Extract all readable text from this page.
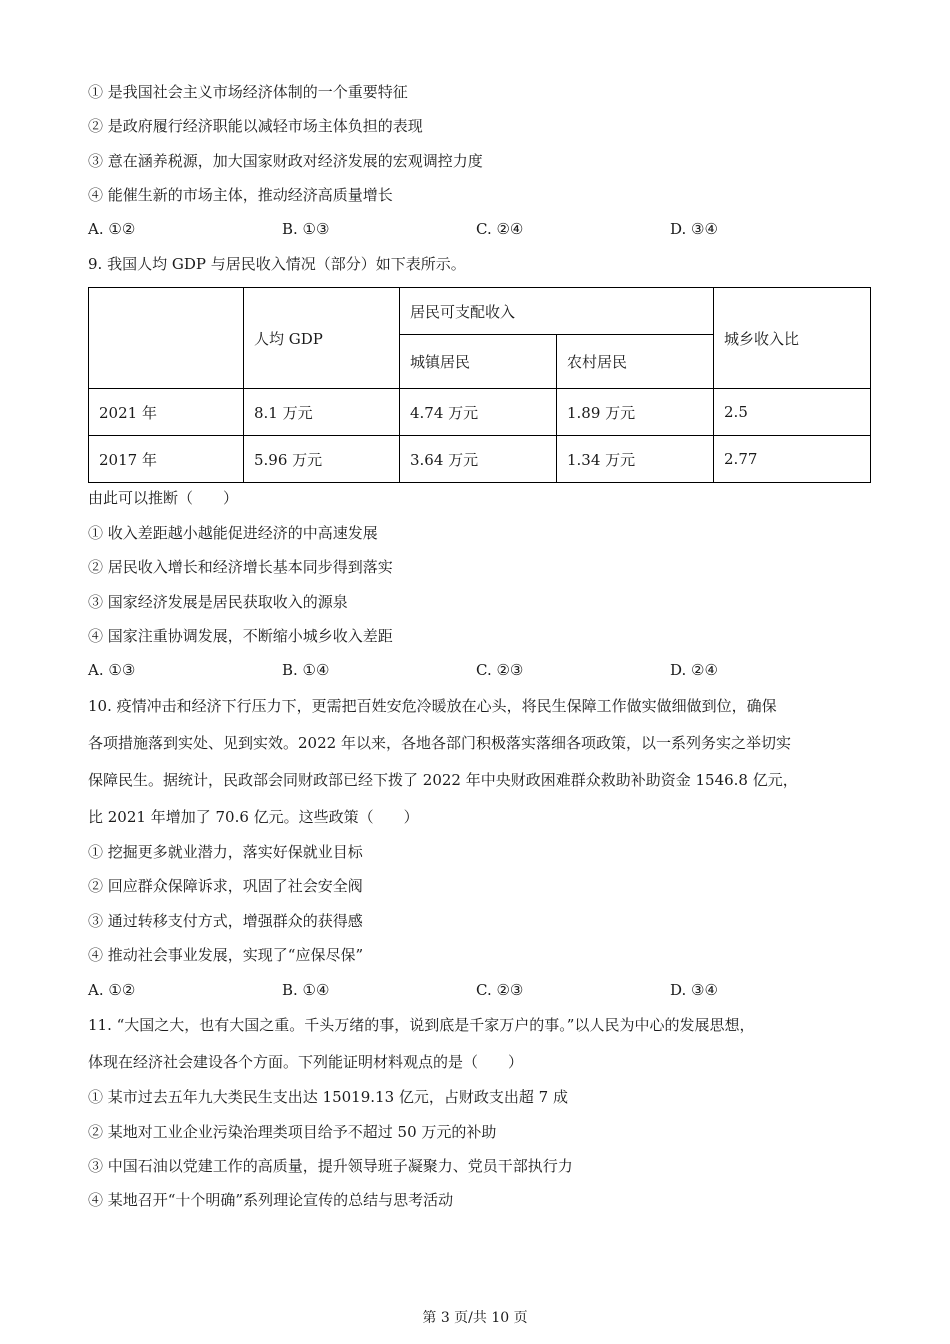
① 是我国社会主义市场经济体制的一个重要特征
② 是政府履行经济职能以减轻市场主体负担的表现
③ 意在涵养税源，加大国家财政对经济发展的宏观调控力度
④ 能催生新的市场主体，推动经济高质量增长
A. ①②	B. ①③	C. ②④	D. ③④
9. 我国人均 GDP 与居民收入情况（部分）如下表所示。
	人均 GDP	居民可支配收入		城乡收入比
		城镇居民	农村居民	
2021 年	8.1 万元	4.74 万元	1.89 万元	2.5
2017 年	5.96 万元	3.64 万元	1.34 万元	2.77
由此可以推断（　　）
① 收入差距越小越能促进经济的中高速发展
② 居民收入增长和经济增长基本同步得到落实
③ 国家经济发展是居民获取收入的源泉
④ 国家注重协调发展，不断缩小城乡收入差距
A. ①③	B. ①④	C. ②③	D. ②④
10. 疫情冲击和经济下行压力下，更需把百姓安危冷暖放在心头，将民生保障工作做实做细做到位，确保
各项措施落到实处、见到实效。2022 年以来，各地各部门积极落实落细各项政策，以一系列务实之举切实
保障民生。据统计，民政部会同财政部已经下拨了 2022 年中央财政困难群众救助补助资金 1546.8 亿元，
比 2021 年增加了 70.6 亿元。这些政策（　　）
① 挖掘更多就业潜力，落实好保就业目标
② 回应群众保障诉求，巩固了社会安全阀
③ 通过转移支付方式，增强群众的获得感
④ 推动社会事业发展，实现了“应保尽保”
A. ①②	B. ①④	C. ②③	D. ③④
11. “大国之大，也有大国之重。千头万绪的事，说到底是千家万户的事。”以人民为中心的发展思想，
体现在经济社会建设各个方面。下列能证明材料观点的是（　　）
① 某市过去五年九大类民生支出达 15019.13 亿元，占财政支出超 7 成
② 某地对工业企业污染治理类项目给予不超过 50 万元的补助
③ 中国石油以党建工作的高质量，提升领导班子凝聚力、党员干部执行力
④ 某地召开“十个明确”系列理论宣传的总结与思考活动
第 3 页/共 10 页
